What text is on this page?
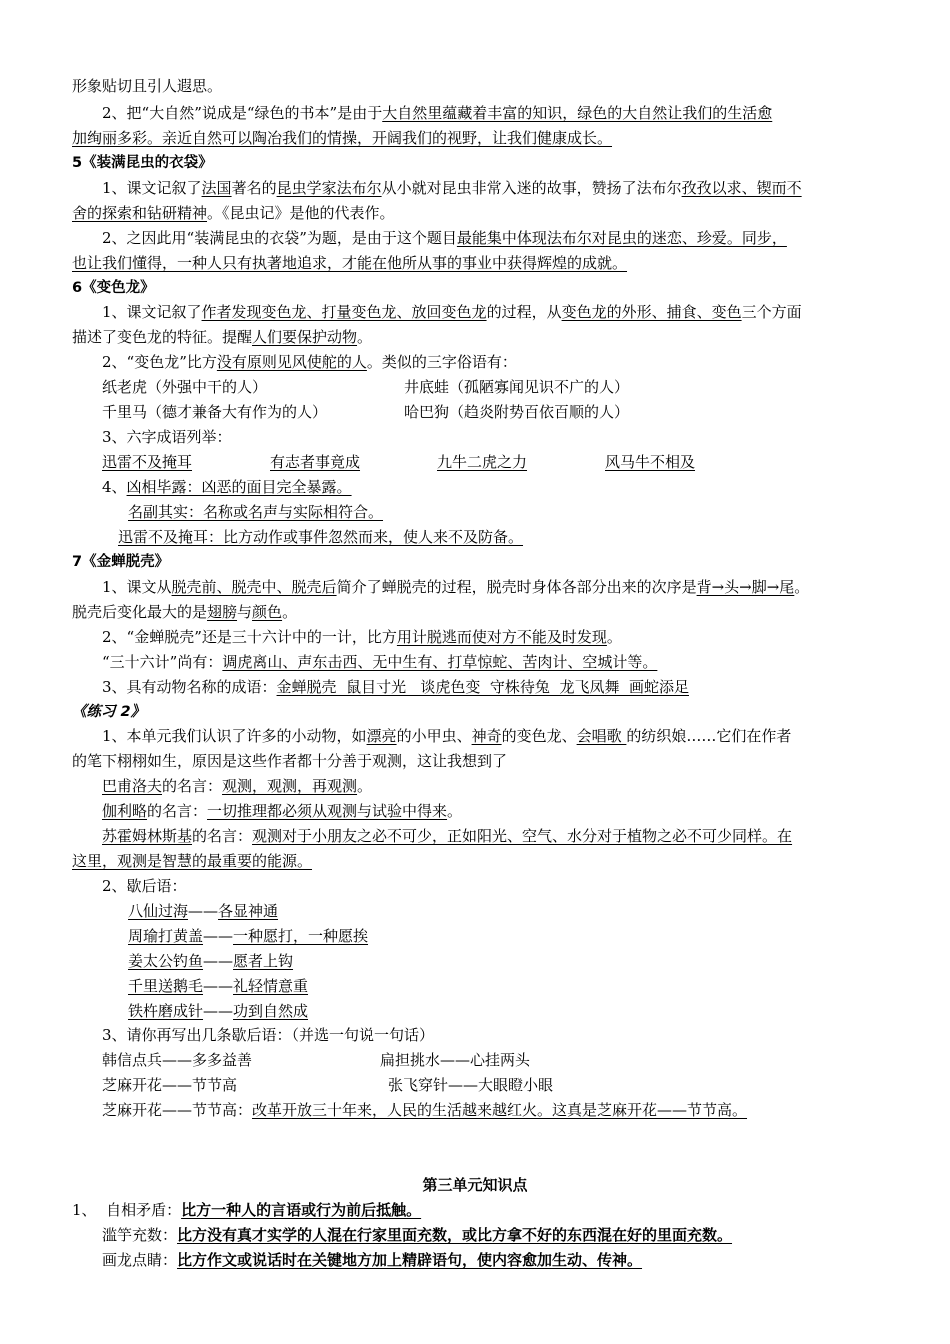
形象贴切且引人遐思。
2、把“大自然”说成是“绿色的书本”是由于大自然里蕴藏着丰富的知识，绿色的大自然让我们的生活愈
加绚丽多彩。亲近自然可以陶冶我们的情操，开阔我们的视野，让我们健康成长。
5《装满昆虫的衣袋》
1、课文记叙了法国著名的昆虫学家法布尔从小就对昆虫非常入迷的故事，赞扬了法布尔孜孜以求、锲而不
舍的探索和钻研精神。《昆虫记》是他的代表作。
2、之因此用“装满昆虫的衣袋”为题，是由于这个题目最能集中体现法布尔对昆虫的迷恋、珍爱。同步，
也让我们懂得，一种人只有执著地追求，才能在他所从事的事业中获得辉煌的成就。
6《变色龙》
1、课文记叙了作者发现变色龙、打量变色龙、放回变色龙的过程，从变色龙的外形、捕食、变色三个方面
描述了变色龙的特征。提醒人们要保护动物。
2、“变色龙”比方没有原则见风使舵的人。类似的三字俗语有：
纸老虎（外强中干的人）	井底蛙（孤陋寡闻见识不广的人）
千里马（德才兼备大有作为的人）	哈巴狗（趋炎附势百依百顺的人）
3、六字成语列举：
迅雷不及掩耳	有志者事竟成	九牛二虎之力	风马牛不相及
4、凶相毕露：凶恶的面目完全暴露。
名副其实：名称或名声与实际相符合。
迅雷不及掩耳：比方动作或事件忽然而来，使人来不及防备。
7《金蝉脱壳》
1、课文从脱壳前、脱壳中、脱壳后简介了蝉脱壳的过程，脱壳时身体各部分出来的次序是背→头→脚→尾。
脱壳后变化最大的是翅膀与颜色。
2、“金蝉脱壳”还是三十六计中的一计，比方用计脱逃而使对方不能及时发现。
“三十六计”尚有：调虎离山、声东击西、无中生有、打草惊蛇、苦肉计、空城计等。
3、具有动物名称的成语：金蝉脱壳  鼠目寸光   谈虎色变  守株待兔  龙飞凤舞  画蛇添足
《练习 2》
1、本单元我们认识了许多的小动物，如漂亮的小甲虫、神奇的变色龙、会唱歌 的纺织娘……它们在作者
的笔下栩栩如生，原因是这些作者都十分善于观测，这让我想到了
巴甫洛夫的名言：观测，观测，再观测。
伽利略的名言：一切推理都必须从观测与试验中得来。
苏霍姆林斯基的名言：观测对于小朋友之必不可少，正如阳光、空气、水分对于植物之必不可少同样。在
这里，观测是智慧的最重要的能源。
2、歇后语：
八仙过海——各显神通
周瑜打黄盖——一种愿打，一种愿挨
姜太公钓鱼——愿者上钩
千里送鹅毛——礼轻情意重
铁杵磨成针——功到自然成
3、请你再写出几条歇后语：（并选一句说一句话）
韩信点兵——多多益善	扁担挑水——心挂两头
芝麻开花——节节高	张飞穿针——大眼瞪小眼
芝麻开花——节节高：改革开放三十年来，人民的生活越来越红火。这真是芝麻开花——节节高。
第三单元知识点
1、  自相矛盾：比方一种人的言语或行为前后抵触。
滥竽充数：比方没有真才实学的人混在行家里面充数，或比方拿不好的东西混在好的里面充数。
画龙点睛：比方作文或说话时在关键地方加上精辟语句，使内容愈加生动、传神。
